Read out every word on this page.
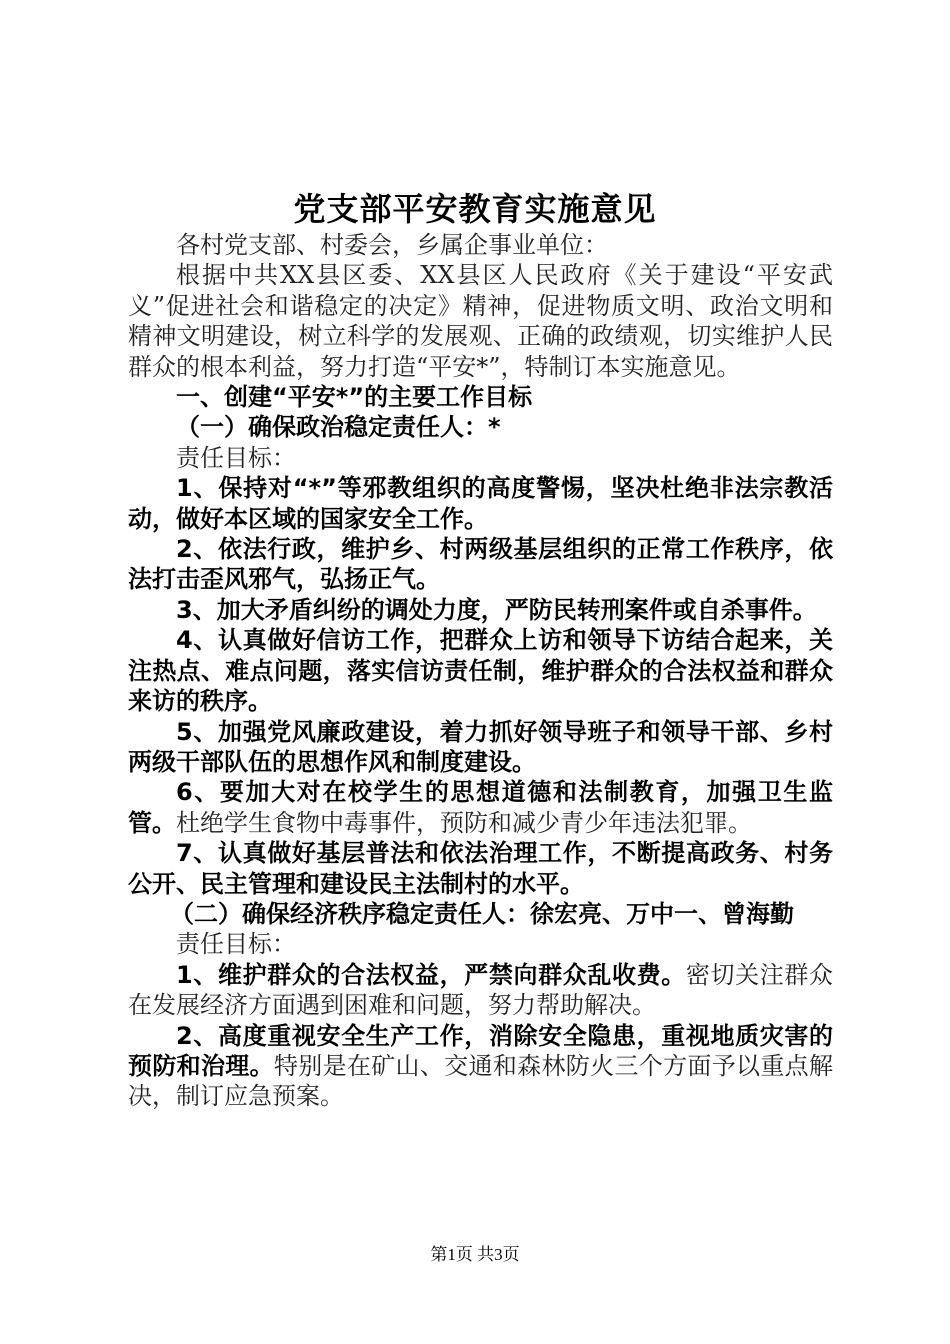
党支部平安教育实施意见

各村党支部、村委会，乡属企事业单位：

根据中共XX县区委、XX县区人民政府《关于建设“平安武义”促进社会和谐稳定的决定》精神，促进物质文明、政治文明和精神文明建设，树立科学的发展观、正确的政绩观，切实维护人民群众的根本利益，努力打造“平安*”，特制订本实施意见。

一、创建“平安*”的主要工作目标

（一）确保政治稳定责任人：*

责任目标：

1、保持对“*”等邪教组织的高度警惕，坚决杜绝非法宗教活动，做好本区域的国家安全工作。

2、依法行政，维护乡、村两级基层组织的正常工作秩序，依法打击歪风邪气，弘扬正气。

3、加大矛盾纠纷的调处力度，严防民转刑案件或自杀事件。

4、认真做好信访工作，把群众上访和领导下访结合起来，关注热点、难点问题，落实信访责任制，维护群众的合法权益和群众来访的秩序。

5、加强党风廉政建设，着力抓好领导班子和领导干部、乡村两级干部队伍的思想作风和制度建设。

6、要加大对在校学生的思想道德和法制教育，加强卫生监管。杜绝学生食物中毒事件，预防和减少青少年违法犯罪。

7、认真做好基层普法和依法治理工作，不断提高政务、村务公开、民主管理和建设民主法制村的水平。

（二）确保经济秩序稳定责任人：徐宏亮、万中一、曾海勤

责任目标：

1、维护群众的合法权益，严禁向群众乱收费。密切关注群众在发展经济方面遇到困难和问题，努力帮助解决。

2、高度重视安全生产工作，消除安全隐患，重视地质灾害的预防和治理。特别是在矿山、交通和森林防火三个方面予以重点解决，制订应急预案。

第1页 共3页
